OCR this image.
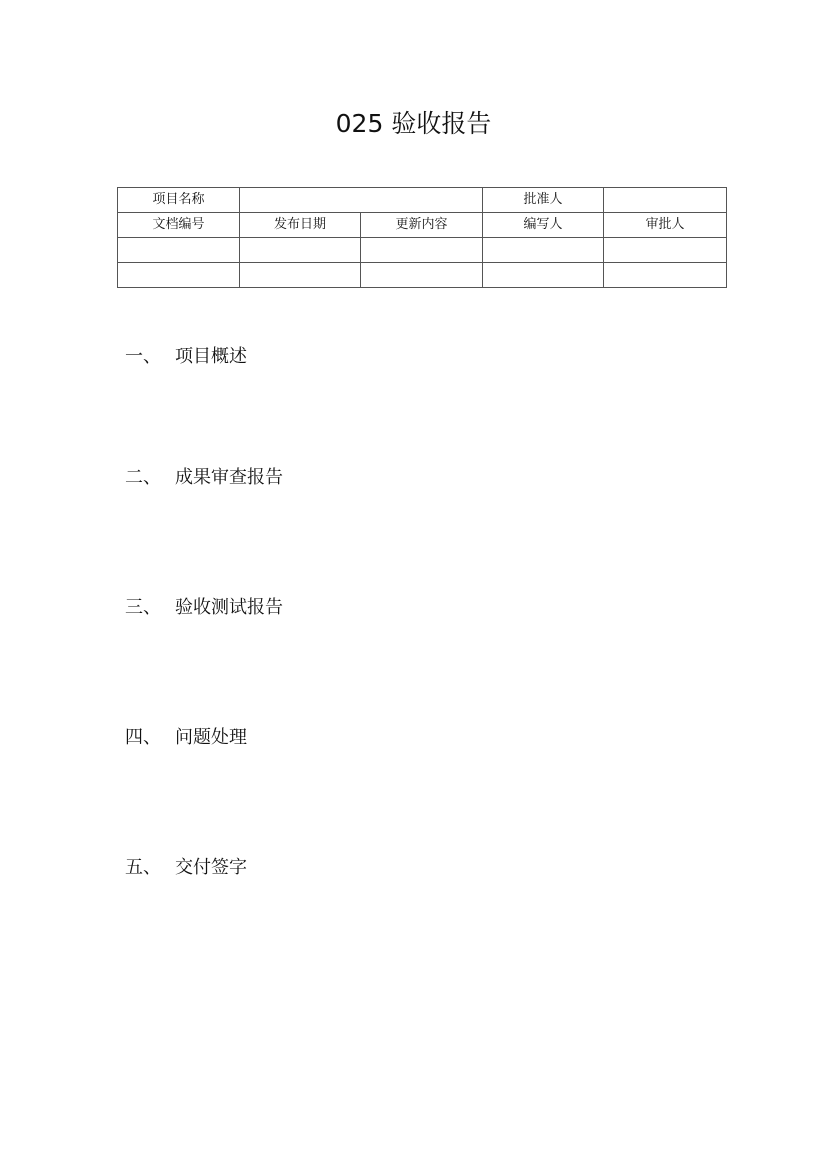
025 验收报告
项目名称			批准人	
文档编号	发布日期	更新内容	编写人	审批人

一、 项目概述
二、 成果审查报告
三、 验收测试报告
四、 问题处理
五、 交付签字
